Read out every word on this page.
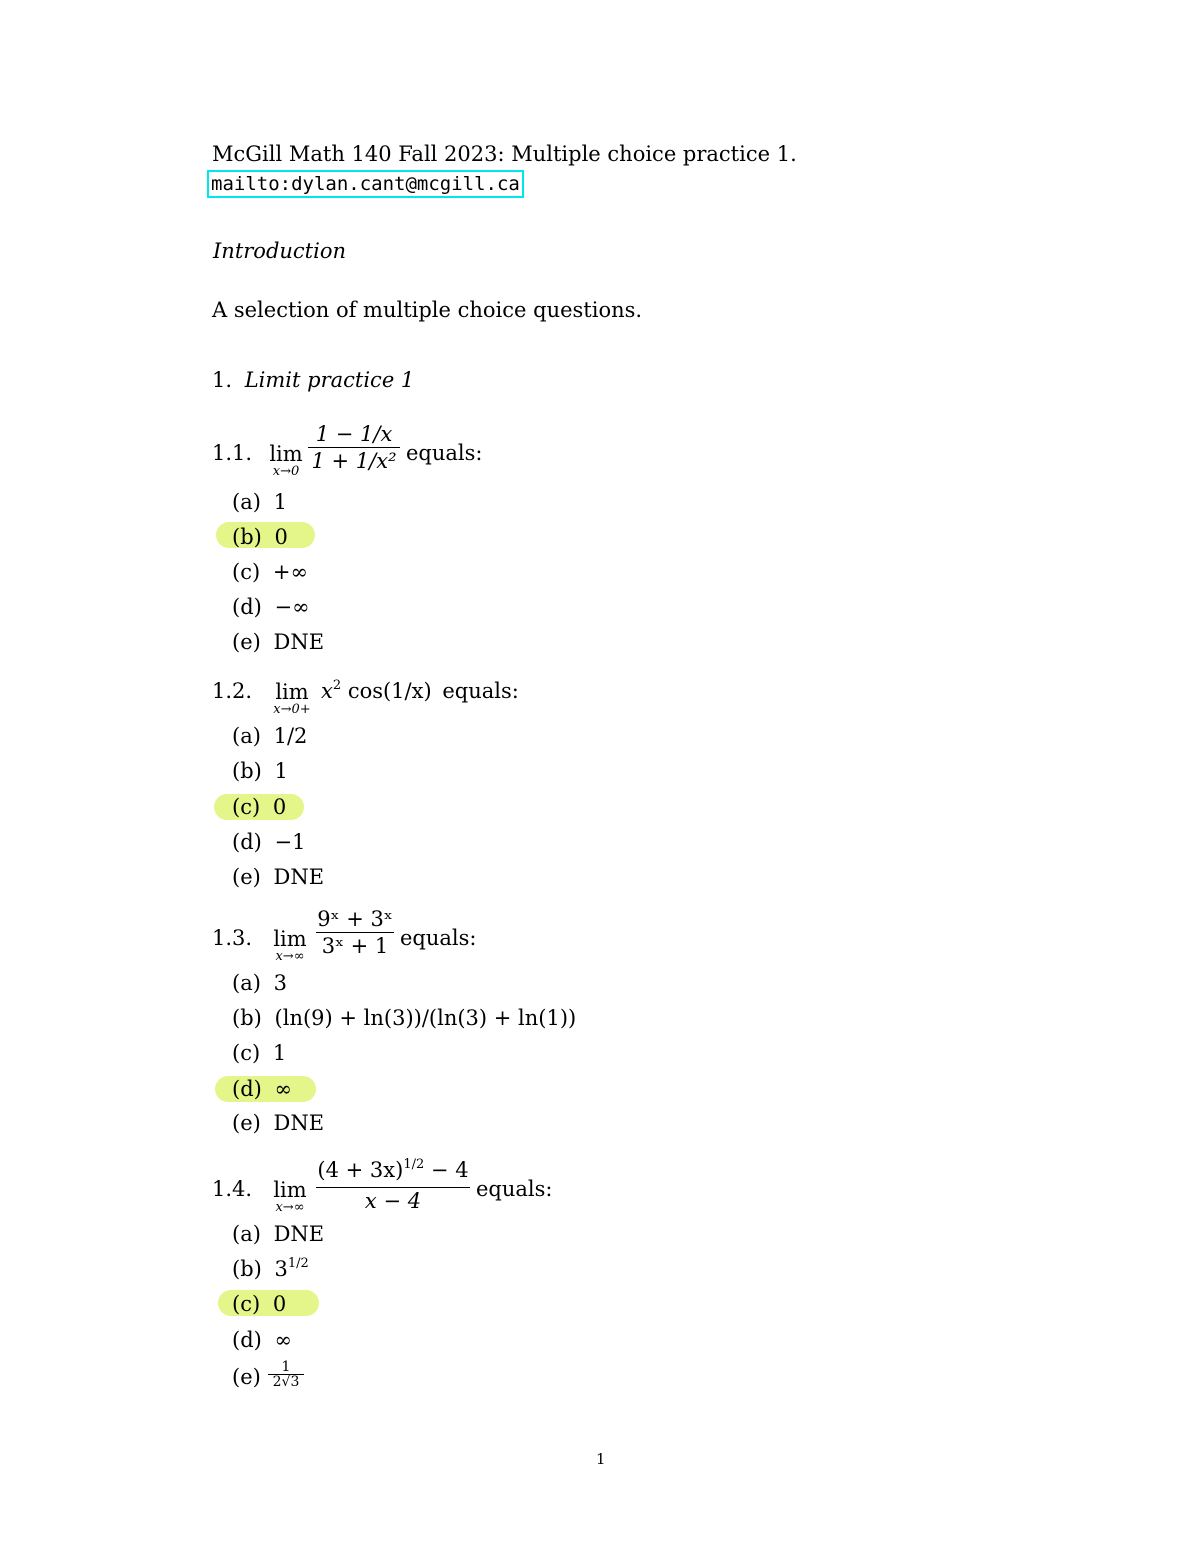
McGill Math 140 Fall 2023: Multiple choice practice 1.
mailto:dylan.cant@mcgill.ca
Introduction
A selection of multiple choice questions.
1. Limit practice 1
1.1. lim
x→0
1 − 1/x
1 + 1/x² equals:
(a) 1
(b) 0
(c) +∞
(d) −∞
(e) DNE
1.2.	lim
x→0+
$x^2$ cos(1/x) equals:
(a) 1/2
(b) 1
(c) 0
(d) −1
(e) DNE
1.3.	lim
x→∞
9ˣ + 3ˣ
3ˣ + 1 equals:
(a) 3
(b) (ln(9) + ln(3))/(ln(3) + ln(1))
(c) 1
(d) ∞
(e) DNE
1.4.	lim
x→∞
$(4 + 3x)^{1/2} - 4$
x − 4	equals:
(a) DNE
(b) $3^{1/2}$
(c) 0
(d) ∞
(e)	1
2√3
1
